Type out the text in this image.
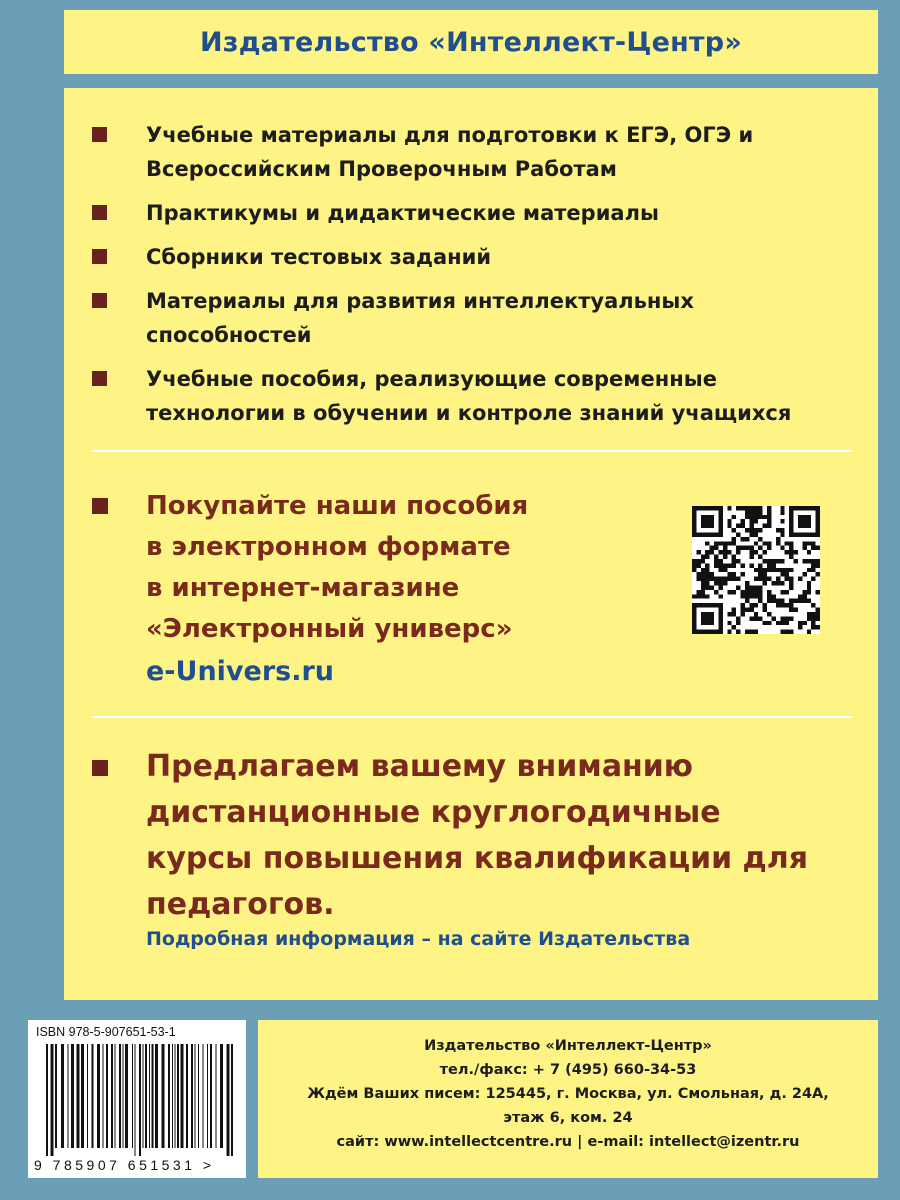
Издательство «Интеллект-Центр»
Учебные материалы для подготовки к ЕГЭ, ОГЭ и
Всероссийским Проверочным Работам
Практикумы и дидактические материалы
Сборники тестовых заданий
Материалы для развития интеллектуальных
способностей
Учебные пособия, реализующие современные
технологии в обучении и контроле знаний учащихся
Покупайте наши пособия
в электронном формате
в интернет-магазине
«Электронный универс»
e-Univers.ru
Предлагаем вашему вниманию
дистанционные круглогодичные
курсы повышения квалификации для
педагогов.
Подробная информация – на сайте Издательства
ISBN 978-5-907651-53-1
9 785907 651531 >
Издательство «Интеллект-Центр»
тел./факс: + 7 (495) 660-34-53
Ждём Ваших писем: 125445, г. Москва, ул. Смольная, д. 24А,
этаж 6, ком. 24
сайт: www.intellectcentre.ru | e-mail: intellect@izentr.ru
